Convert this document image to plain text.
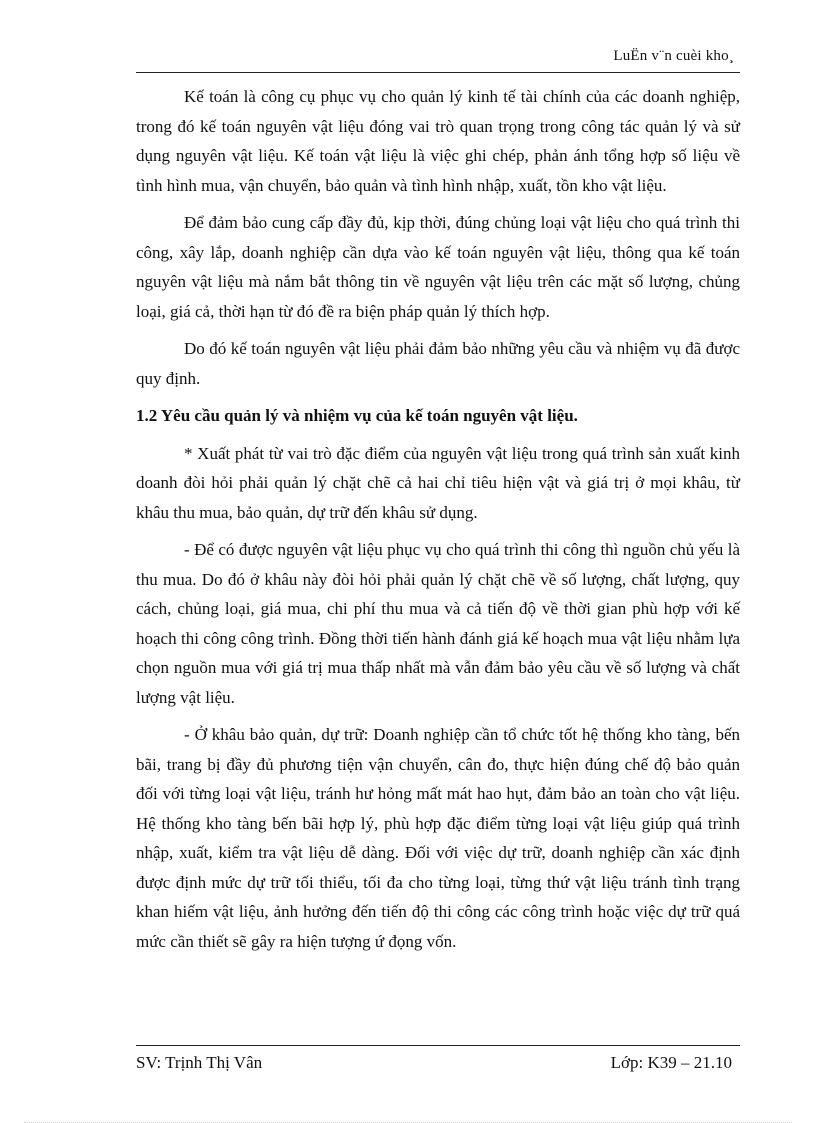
LuËn v¨n cuèi kho¸

Kế toán là công cụ phục vụ cho quản lý kinh tế tài chính của các doanh nghiệp, trong đó kế toán nguyên vật liệu đóng vai trò quan trọng trong công tác quản lý và sử dụng nguyên vật liệu. Kế toán vật liệu là việc ghi chép, phản ánh tổng hợp số liệu về tình hình mua, vận chuyển, bảo quản và tình hình nhập, xuất, tồn kho vật liệu.

Để đảm bảo cung cấp đầy đủ, kịp thời, đúng chủng loại vật liệu cho quá trình thi công, xây lắp, doanh nghiệp cần dựa vào kế toán nguyên vật liệu, thông qua kế toán nguyên vật liệu mà nắm bắt thông tin về nguyên vật liệu trên các mặt số lượng, chủng loại, giá cả, thời hạn từ đó đề ra biện pháp quản lý thích hợp.

Do đó kế toán nguyên vật liệu phải đảm bảo những yêu cầu và nhiệm vụ đã được quy định.

1.2 Yêu cầu quản lý và nhiệm vụ của kế toán nguyên vật liệu.

* Xuất phát từ vai trò đặc điểm của nguyên vật liệu trong quá trình sản xuất kinh doanh đòi hỏi phải quản lý chặt chẽ cả hai chỉ tiêu hiện vật và giá trị ở mọi khâu, từ khâu thu mua, bảo quản, dự trữ đến khâu sử dụng.

- Để có được nguyên vật liệu phục vụ cho quá trình thi công thì nguồn chủ yếu là thu mua. Do đó ở khâu này đòi hỏi phải quản lý chặt chẽ về số lượng, chất lượng, quy cách, chủng loại, giá mua, chi phí thu mua và cả tiến độ về thời gian phù hợp với kế hoạch thi công công trình. Đồng thời tiến hành đánh giá kế hoạch mua vật liệu nhằm lựa chọn nguồn mua với giá trị mua thấp nhất mà vẫn đảm bảo yêu cầu về số lượng và chất lượng vật liệu.

- Ở khâu bảo quản, dự trữ: Doanh nghiệp cần tổ chức tốt hệ thống kho tàng, bến bãi, trang bị đầy đủ phương tiện vận chuyển, cân đo, thực hiện đúng chế độ bảo quản đối với từng loại vật liệu, tránh hư hỏng mất mát hao hụt, đảm bảo an toàn cho vật liệu. Hệ thống kho tàng bến bãi hợp lý, phù hợp đặc điểm từng loại vật liệu giúp quá trình nhập, xuất, kiểm tra vật liệu dễ dàng. Đối với việc dự trữ, doanh nghiệp cần xác định được định mức dự trữ tối thiểu, tối đa cho từng loại, từng thứ vật liệu tránh tình trạng khan hiếm vật liệu, ảnh hưởng đến tiến độ thi công các công trình hoặc việc dự trữ quá mức cần thiết sẽ gây ra hiện tượng ứ đọng vốn.

SV: Trịnh Thị Vân	Lớp: K39 – 21.10
